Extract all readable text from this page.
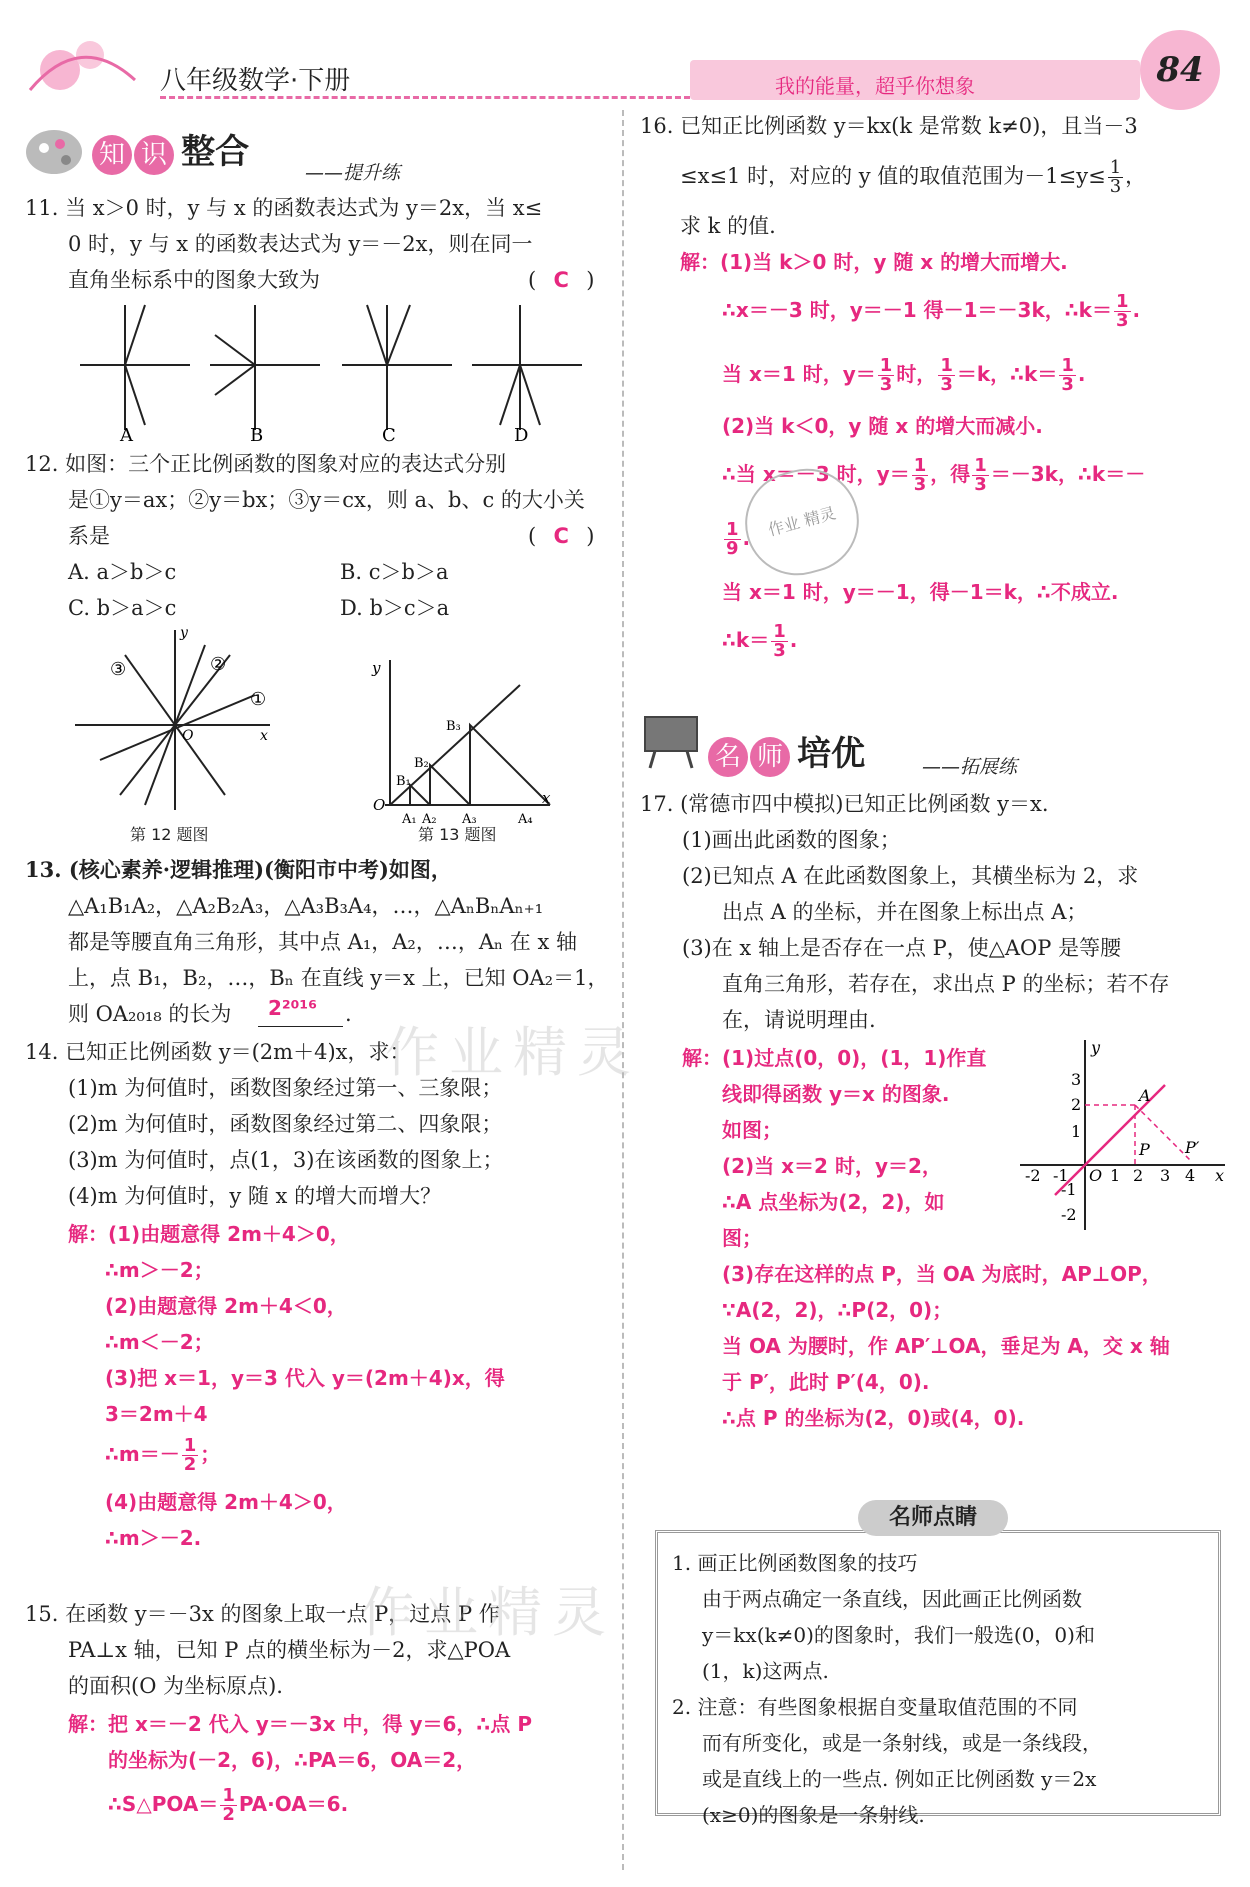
八年级数学·下册	我的能量，超乎你想象	84
知 识 整合
——提升练
11. 当 x＞0 时，y 与 x 的函数表达式为 y＝2x，当 x≤
0 时，y 与 x 的函数表达式为 y＝－2x，则在同一
直角坐标系中的图象大致为	( C )
A	B	C	D
12. 如图：三个正比例函数的图象对应的表达式分别
是①y＝ax；②y＝bx；③y＝cx，则 a、b、c 的大小关
系是	( C )
A. a＞b＞c	B. c＞b＞a
C. b＞a＞c	D. b＞c＞a
y
x
O
①
②
③
第 12 题图
y
x
O
B₁
B₂
B₃
A₁ A₂ A₃	A₄
第 13 题图
13. (核心素养·逻辑推理)(衡阳市中考)如图，
△A₁B₁A₂，△A₂B₂A₃，△A₃B₃A₄，…，△AₙBₙAₙ₊₁
都是等腰直角三角形，其中点 A₁，A₂，…，Aₙ 在 x 轴
上，点 B₁，B₂，…，Bₙ 在直线 y＝x 上，已知 OA₂＝1，
则 OA₂₀₁₈ 的长为 2²⁰¹⁶ .
14. 已知正比例函数 y＝(2m＋4)x，求：
(1)m 为何值时，函数图象经过第一、三象限；
(2)m 为何值时，函数图象经过第二、四象限；
(3)m 为何值时，点(1，3)在该函数的图象上；
(4)m 为何值时，y 随 x 的增大而增大？
解：(1)由题意得 2m＋4＞0，
∴m＞－2；
(2)由题意得 2m＋4＜0，
∴m＜－2；
(3)把 x＝1，y＝3 代入 y＝(2m＋4)x，得
3＝2m＋4
∴m＝－ $\frac{1}{2}$ ；
(4)由题意得 2m＋4＞0，
∴m＞－2.
15. 在函数 y＝－3x 的图象上取一点 P，过点 P 作
PA⊥x 轴，已知 P 点的横坐标为－2，求△POA
的面积(O 为坐标原点).
解：把 x＝－2 代入 y＝－3x 中，得 y＝6，∴点 P
的坐标为(－2，6)，∴PA＝6，OA＝2，
∴S△POA＝ $\frac{1}{2} PA\cdot OA=6$.
作业精灵
作业精灵
16. 已知正比例函数 y＝kx(k 是常数 k≠0)，且当－3
≤x≤1 时，对应的 y 值的取值范围为$-1\le y\le \frac{1}{3}$ ，
求 k 的值.
解：(1)当 k＞0 时，y 随 x 的增大而增大.
∴x＝－3 时，y＝－1 得－1＝－3k，∴k＝ $\frac{1}{3}$ .
当 x＝1 时，$y= \frac{1}{3}$ 时， $\frac{1}{3} =k$，∴k＝ $\frac{1}{3}$ .
(2)当 k＜0，y 随 x 的增大而减小.
∴当 x＝－3 时，$y= \frac{1}{3}$ ，得 $\frac{1}{3} =-3k$，∴k＝－
$\frac{1}{9}$ . 作业 精灵
当 x＝1 时，y＝－1，得－1＝k，∴不成立.
∴k＝ $\frac{1}{3}$ .
名 师 培优	——拓展练
17. (常德市四中模拟)已知正比例函数 y＝x.
(1)画出此函数的图象；
(2)已知点 A 在此函数图象上，其横坐标为 2，求
出点 A 的坐标，并在图象上标出点 A；
(3)在 x 轴上是否存在一点 P，使△AOP 是等腰
直角三角形，若存在，求出点 P 的坐标；若不存
在，请说明理由.
解：(1)过点(0，0)，(1，1)作直
线即得函数 y＝x 的图象.
如图；
(2)当 x＝2 时，y＝2，
∴A 点坐标为(2，2)，如
图；
(3)存在这样的点 P，当 OA 为底时，AP⊥OP，
∵A(2，2)，∴P(2，0)；
当 OA 为腰时，作 AP′⊥OA，垂足为 A，交 x 轴
于 P′，此时 P′(4，0).
∴点 P 的坐标为(2，0)或(4，0).
y
x
O 1 2 3 4
-2 -1
3
2
1
-1
-2
A
P P′
名师点睛
1. 画正比例函数图象的技巧
由于两点确定一条直线，因此画正比例函数
y＝kx(k≠0)的图象时，我们一般选(0，0)和
(1，k)这两点.
2. 注意：有些图象根据自变量取值范围的不同
而有所变化，或是一条射线，或是一条线段，
或是直线上的一些点. 例如正比例函数 y＝2x
(x≥0)的图象是一条射线.
